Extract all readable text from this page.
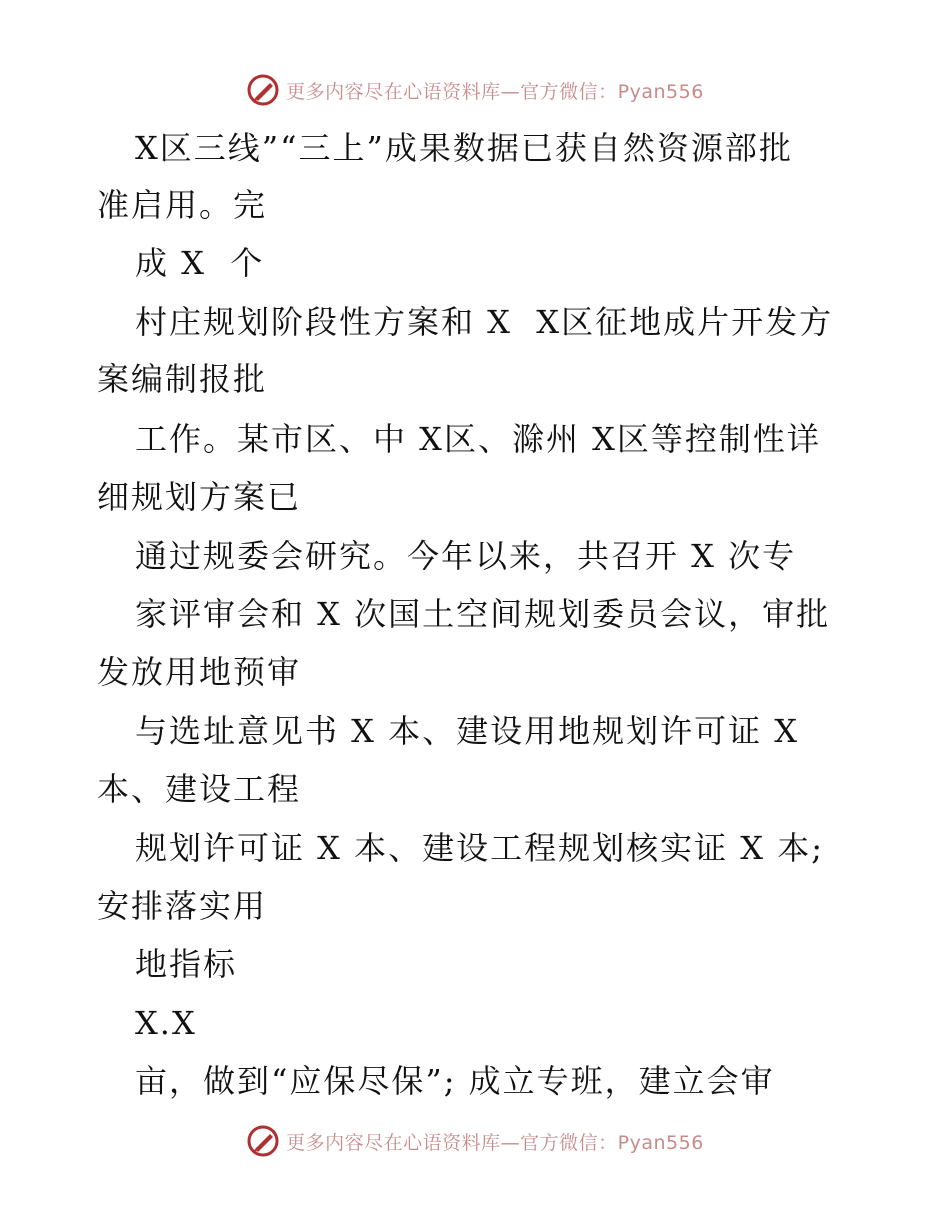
更多内容尽在心语资料库—官方微信：Pyan556
X区三线”“三上”成果数据已获自然资源部批
准启用。完
成 X  个
村庄规划阶段性方案和 X  X区征地成片开发方
案编制报批
工作。某市区、中 X区、滁州 X区等控制性详
细规划方案已
通过规委会研究。今年以来，共召开 X 次专
家评审会和 X 次国土空间规划委员会议，审批
发放用地预审
与选址意见书 X 本、建设用地规划许可证 X
本、建设工程
规划许可证 X 本、建设工程规划核实证 X 本;
安排落实用
地指标
X.X
亩，做到“应保尽保”; 成立专班，建立会审
更多内容尽在心语资料库—官方微信：Pyan556
